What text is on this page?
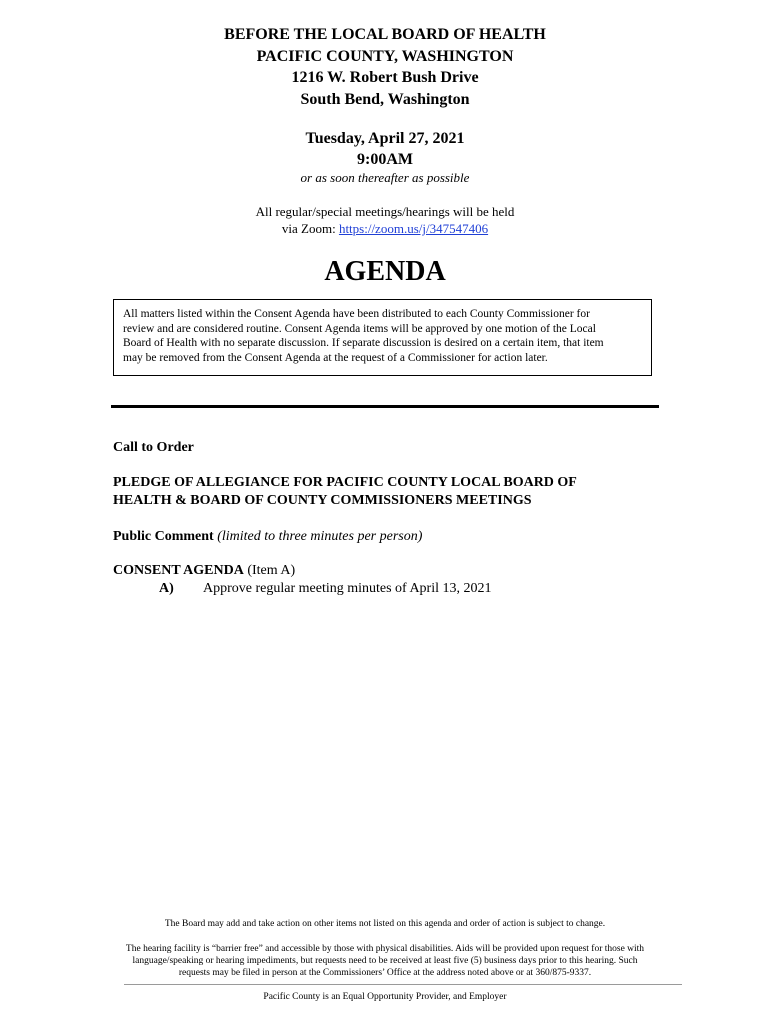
BEFORE THE LOCAL BOARD OF HEALTH
PACIFIC COUNTY, WASHINGTON
1216 W. Robert Bush Drive
South Bend, Washington
Tuesday, April 27, 2021
9:00AM
or as soon thereafter as possible
All regular/special meetings/hearings will be held
via Zoom: https://zoom.us/j/347547406
AGENDA
All matters listed within the Consent Agenda have been distributed to each County Commissioner for
review and are considered routine. Consent Agenda items will be approved by one motion of the Local
Board of Health with no separate discussion. If separate discussion is desired on a certain item, that item
may be removed from the Consent Agenda at the request of a Commissioner for action later.
Call to Order
PLEDGE OF ALLEGIANCE FOR PACIFIC COUNTY LOCAL BOARD OF
HEALTH & BOARD OF COUNTY COMMISSIONERS MEETINGS
Public Comment (limited to three minutes per person)
CONSENT AGENDA (Item A)
A) Approve regular meeting minutes of April 13, 2021
The Board may add and take action on other items not listed on this agenda and order of action is subject to change.
The hearing facility is “barrier free” and accessible by those with physical disabilities. Aids will be provided upon request for those with
language/speaking or hearing impediments, but requests need to be received at least five (5) business days prior to this hearing. Such
requests may be filed in person at the Commissioners’ Office at the address noted above or at 360/875-9337.
Pacific County is an Equal Opportunity Provider, and Employer
